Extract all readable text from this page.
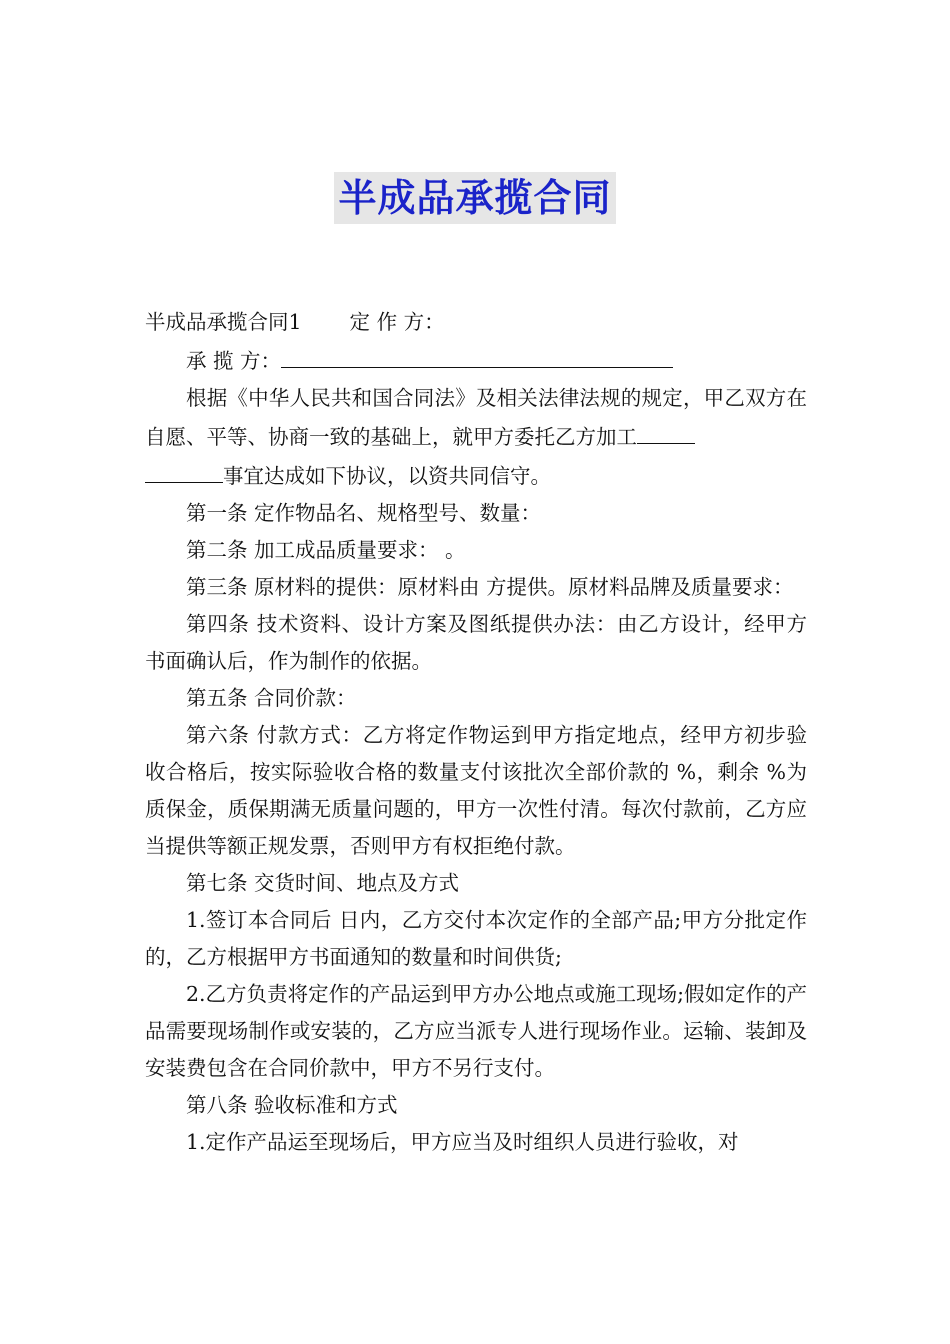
半成品承揽合同

半成品承揽合同1 定 作 方：

承 揽 方：

根据《中华人民共和国合同法》及相关法律法规的规定，甲乙双方在自愿、平等、协商一致的基础上，就甲方委托乙方加工
事宜达成如下协议，以资共同信守。

第一条 定作物品名、规格型号、数量：

第二条 加工成品质量要求： 。

第三条 原材料的提供：原材料由 方提供。原材料品牌及质量要求：

第四条 技术资料、设计方案及图纸提供办法：由乙方设计，经甲方书面确认后，作为制作的依据。

第五条 合同价款：

第六条 付款方式：乙方将定作物运到甲方指定地点，经甲方初步验收合格后，按实际验收合格的数量支付该批次全部价款的 %，剩余 %为质保金，质保期满无质量问题的，甲方一次性付清。每次付款前，乙方应当提供等额正规发票，否则甲方有权拒绝付款。

第七条 交货时间、地点及方式

1.签订本合同后 日内，乙方交付本次定作的全部产品;甲方分批定作的，乙方根据甲方书面通知的数量和时间供货;

2.乙方负责将定作的产品运到甲方办公地点或施工现场;假如定作的产品需要现场制作或安装的，乙方应当派专人进行现场作业。运输、装卸及安装费包含在合同价款中，甲方不另行支付。

第八条 验收标准和方式

1.定作产品运至现场后，甲方应当及时组织人员进行验收，对
